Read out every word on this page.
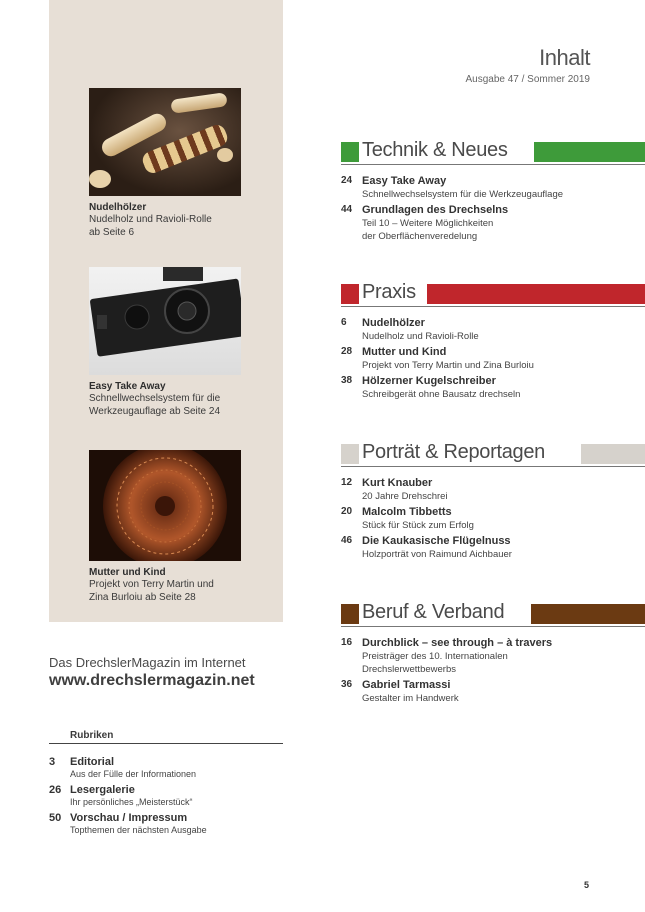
Nudelhölzer
Nudelholz und Ravioli-Rolle
ab Seite 6
Easy Take Away
Schnellwechselsystem für die
Werkzeugauflage ab Seite 24
Mutter und Kind
Projekt von Terry Martin und
Zina Burloiu ab Seite 28
Das DrechslerMagazin im Internet
www.drechslermagazin.net
Rubriken
3	Editorial
Aus der Fülle der Informationen
26 Lesergalerie
Ihr persönliches „Meisterstück“
50 Vorschau / Impressum
Topthemen der nächsten Ausgabe
Inhalt
Ausgabe 47 / Sommer 2019
Technik & Neues
24 Easy Take Away
Schnellwechselsystem für die Werkzeugauflage
44 Grundlagen des Drechselns
Teil 10 – Weitere Möglichkeiten
der Oberflächenveredelung
Praxis
6	Nudelhölzer
Nudelholz und Ravioli-Rolle
28 Mutter und Kind
Projekt von Terry Martin und Zina Burloiu
38 Hölzerner Kugelschreiber
Schreibgerät ohne Bausatz drechseln
Porträt & Reportagen
12 Kurt Knauber
20 Jahre Drehschrei
20 Malcolm Tibbetts
Stück für Stück zum Erfolg
46 Die Kaukasische Flügelnuss
Holzporträt von Raimund Aichbauer
Beruf & Verband
16 Durchblick – see through – à travers
Preisträger des 10. Internationalen
Drechslerwettbewerbs
36 Gabriel Tarmassi
Gestalter im Handwerk
5
